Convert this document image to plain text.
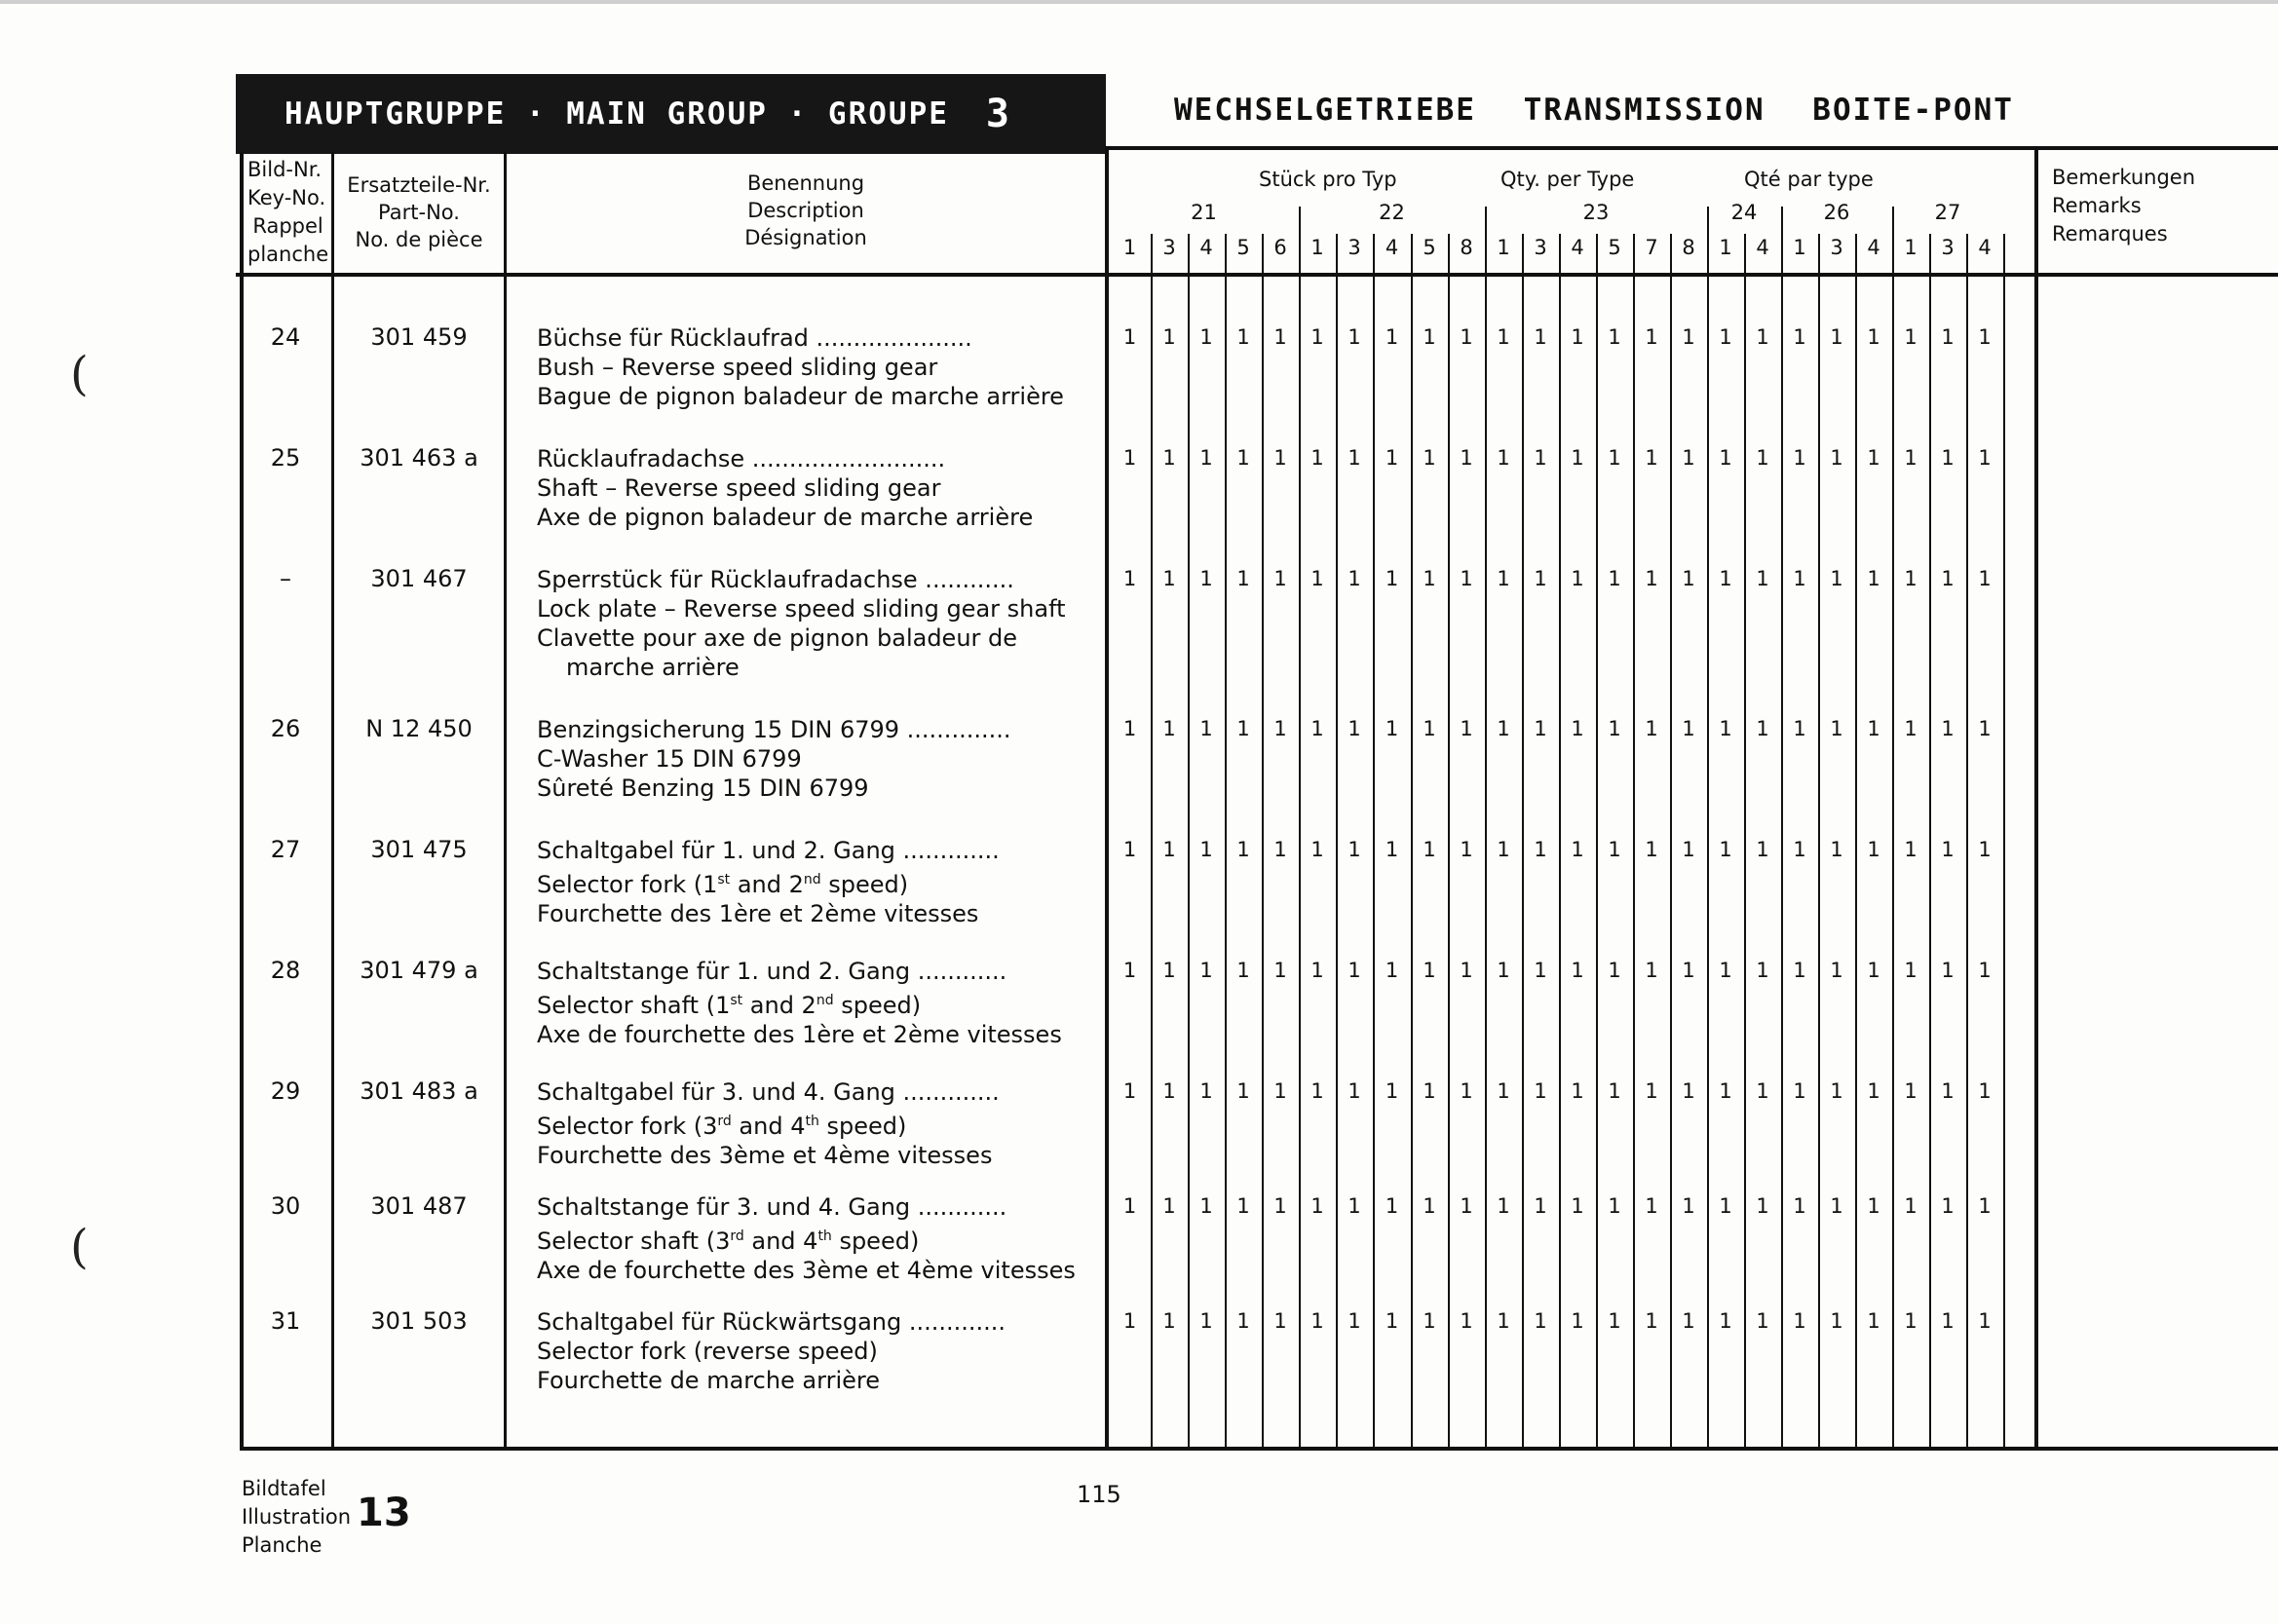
(
(
HAUPTGRUPPE · MAIN GROUP · GROUPE 3	WECHSELGETRIEBE TRANSMISSION BOITE-PONT
Bild-Nr.
Key-No.
Rappel
planche
Ersatzteile-Nr.
Part-No.
No. de pièce
Benennung
Description
Désignation
Bemerkungen
Remarks
Remarques
Stück pro Typ	Qty. per Type	Qté par type
21	22	23	24	26	27
1	3	4	5	6	1	3	4	5	8	1	3	4	5	7	8	1	4	1	3	4	1	3	4
24	301 459	Büchse für Rücklaufrad .....................
Bush – Reverse speed sliding gear
Bague de pignon baladeur de marche arrière
1	1	1	1	1	1	1	1	1	1	1	1	1	1	1	1	1	1	1	1	1	1	1	1
25	301 463 a	Rücklaufradachse ..........................
Shaft – Reverse speed sliding gear
Axe de pignon baladeur de marche arrière
1	1	1	1	1	1	1	1	1	1	1	1	1	1	1	1	1	1	1	1	1	1	1	1
–	301 467	Sperrstück für Rücklaufradachse ............
Lock plate – Reverse speed sliding gear shaft
Clavette pour axe de pignon baladeur de
marche arrière
1	1	1	1	1	1	1	1	1	1	1	1	1	1	1	1	1	1	1	1	1	1	1	1
26	N 12 450	Benzingsicherung 15 DIN 6799 ..............
C-Washer 15 DIN 6799
Sûreté Benzing 15 DIN 6799
1	1	1	1	1	1	1	1	1	1	1	1	1	1	1	1	1	1	1	1	1	1	1	1
27	301 475	Schaltgabel für 1. und 2. Gang .............
Selector fork (1st and 2nd speed)
Fourchette des 1ère et 2ème vitesses
1	1	1	1	1	1	1	1	1	1	1	1	1	1	1	1	1	1	1	1	1	1	1	1
28	301 479 a	Schaltstange für 1. und 2. Gang ............
Selector shaft (1st and 2nd speed)
Axe de fourchette des 1ère et 2ème vitesses
1	1	1	1	1	1	1	1	1	1	1	1	1	1	1	1	1	1	1	1	1	1	1	1
29	301 483 a	Schaltgabel für 3. und 4. Gang .............
Selector fork (3rd and 4th speed)
Fourchette des 3ème et 4ème vitesses
1	1	1	1	1	1	1	1	1	1	1	1	1	1	1	1	1	1	1	1	1	1	1	1
30	301 487	Schaltstange für 3. und 4. Gang ............
Selector shaft (3rd and 4th speed)
Axe de fourchette des 3ème et 4ème vitesses
1	1	1	1	1	1	1	1	1	1	1	1	1	1	1	1	1	1	1	1	1	1	1	1
31	301 503	Schaltgabel für Rückwärtsgang .............
Selector fork (reverse speed)
Fourchette de marche arrière
1	1	1	1	1	1	1	1	1	1	1	1	1	1	1	1	1	1	1	1	1	1	1	1
Bildtafel
Illustration
Planche
13	115
